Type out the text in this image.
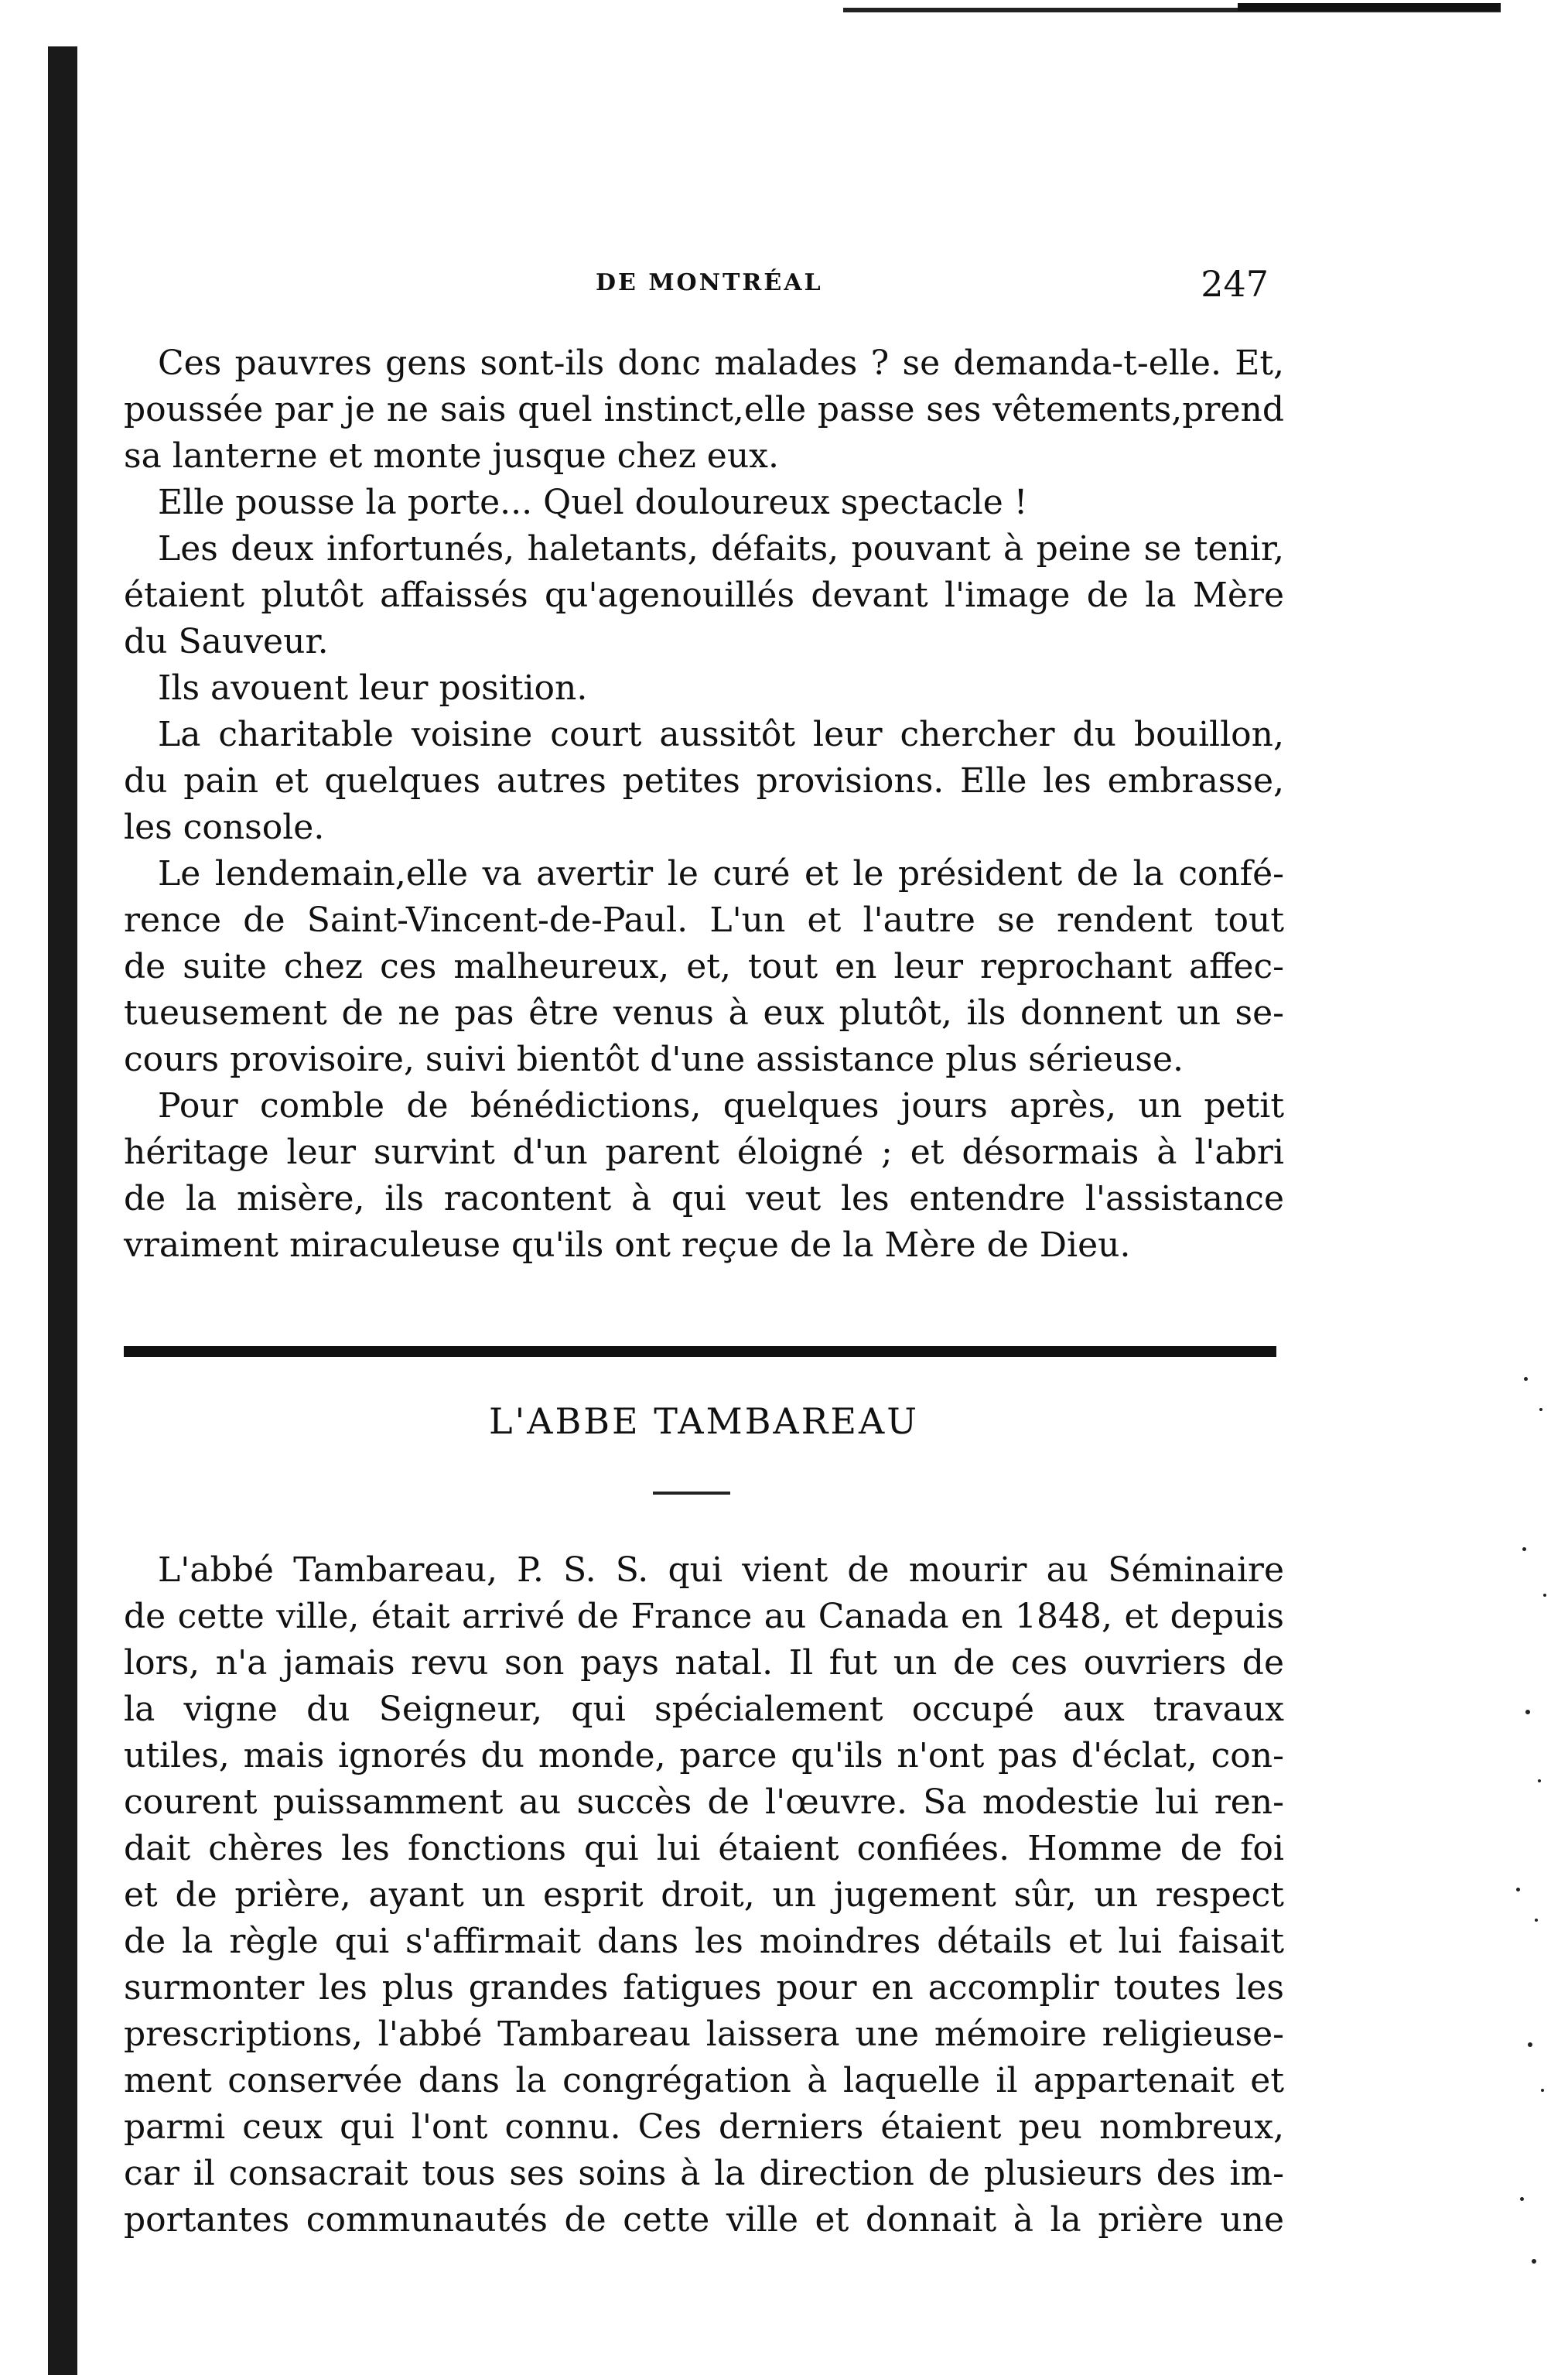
DE MONTRÉAL	247
Ces pauvres gens sont-ils donc malades ? se demanda-t-elle. Et,
poussée par je ne sais quel instinct,elle passe ses vêtements,prend
sa lanterne et monte jusque chez eux.
Elle pousse la porte... Quel douloureux spectacle !
Les deux infortunés, haletants, défaits, pouvant à peine se tenir,
étaient plutôt affaissés qu'agenouillés devant l'image de la Mère
du Sauveur.
Ils avouent leur position.
La charitable voisine court aussitôt leur chercher du bouillon,
du pain et quelques autres petites provisions. Elle les embrasse,
les console.
Le lendemain,elle va avertir le curé et le président de la confé-
rence de Saint-Vincent-de-Paul. L'un et l'autre se rendent tout
de suite chez ces malheureux, et, tout en leur reprochant affec-
tueusement de ne pas être venus à eux plutôt, ils donnent un se-
cours provisoire, suivi bientôt d'une assistance plus sérieuse.
Pour comble de bénédictions, quelques jours après, un petit
héritage leur survint d'un parent éloigné ; et désormais à l'abri
de la misère, ils racontent à qui veut les entendre l'assistance
vraiment miraculeuse qu'ils ont reçue de la Mère de Dieu.
L'ABBE TAMBAREAU
L'abbé Tambareau, P. S. S. qui vient de mourir au Séminaire
de cette ville, était arrivé de France au Canada en 1848, et depuis
lors, n'a jamais revu son pays natal. Il fut un de ces ouvriers de
la vigne du Seigneur, qui spécialement occupé aux travaux
utiles, mais ignorés du monde, parce qu'ils n'ont pas d'éclat, con-
courent puissamment au succès de l'œuvre. Sa modestie lui ren-
dait chères les fonctions qui lui étaient confiées. Homme de foi
et de prière, ayant un esprit droit, un jugement sûr, un respect
de la règle qui s'affirmait dans les moindres détails et lui faisait
surmonter les plus grandes fatigues pour en accomplir toutes les
prescriptions, l'abbé Tambareau laissera une mémoire religieuse-
ment conservée dans la congrégation à laquelle il appartenait et
parmi ceux qui l'ont connu. Ces derniers étaient peu nombreux,
car il consacrait tous ses soins à la direction de plusieurs des im-
portantes communautés de cette ville et donnait à la prière une
